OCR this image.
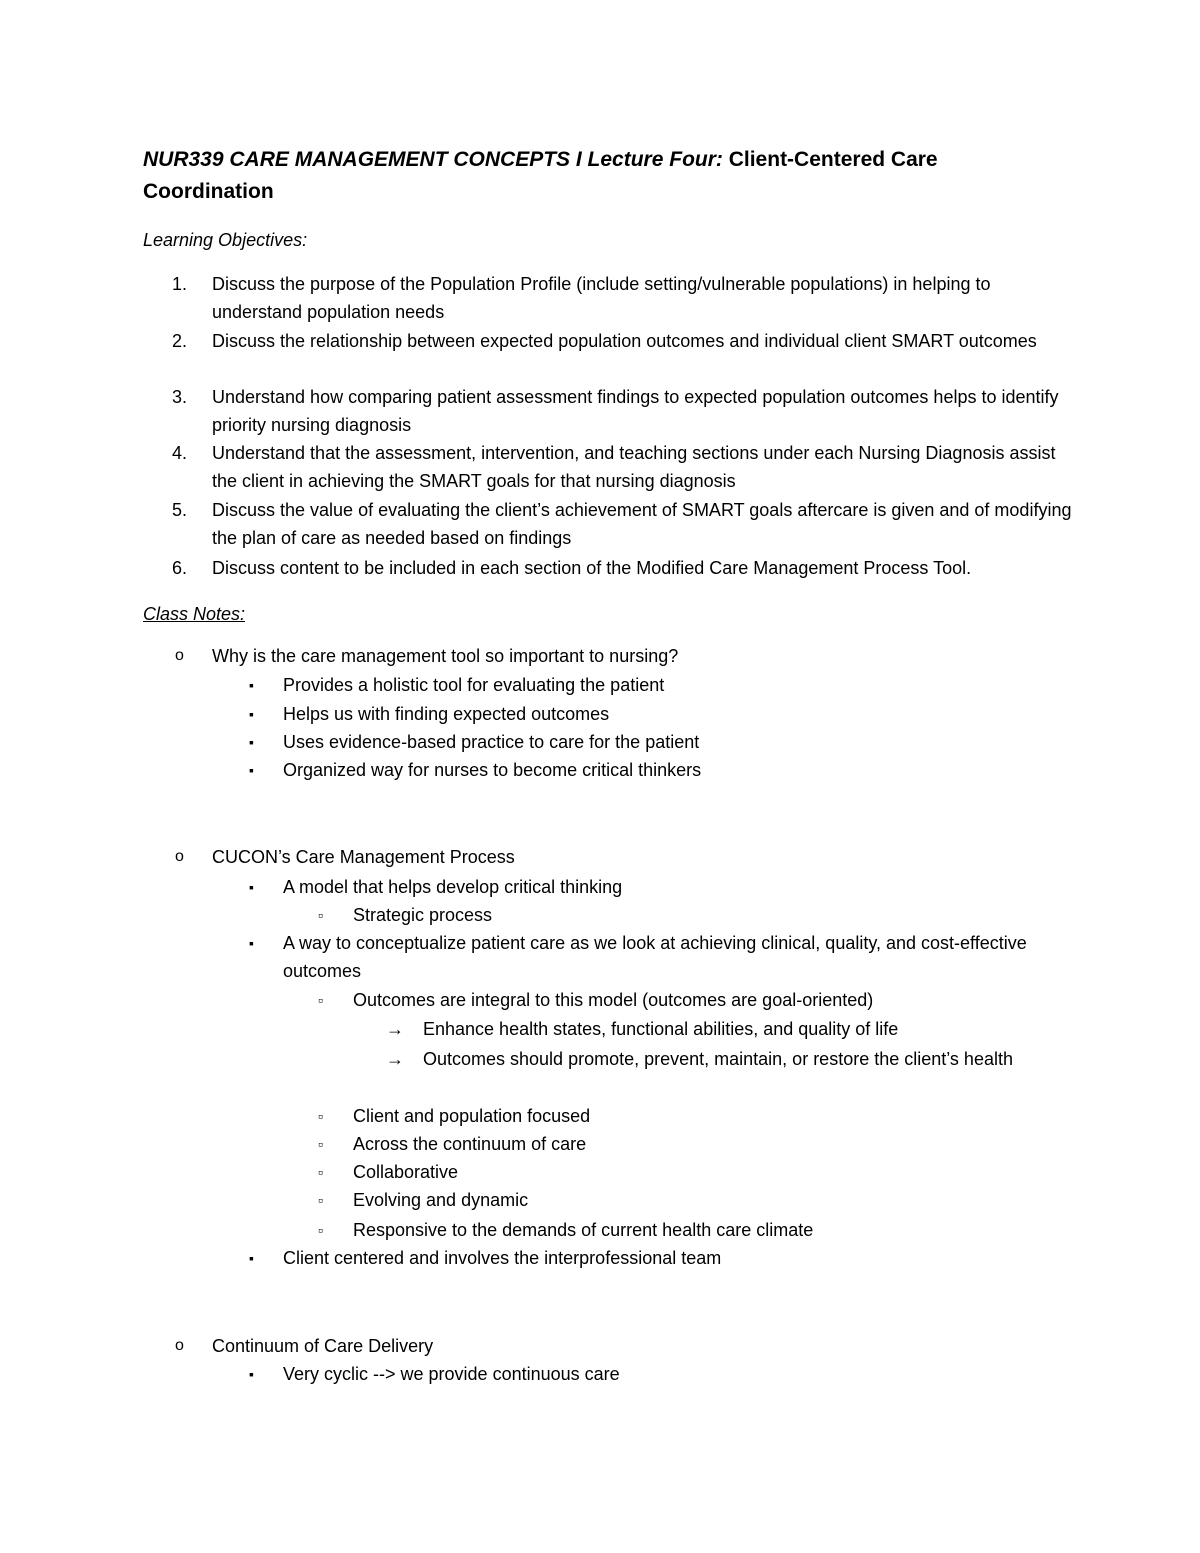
NUR339 CARE MANAGEMENT CONCEPTS I Lecture Four: Client-Centered Care Coordination
Learning Objectives:
1.	Discuss the purpose of the Population Profile (include setting/vulnerable populations) in helping to understand population needs
2.	Discuss the relationship between expected population outcomes and individual client SMART outcomes
3.	Understand how comparing patient assessment findings to expected population outcomes helps to identify priority nursing diagnosis
4.	Understand that the assessment, intervention, and teaching sections under each Nursing Diagnosis assist the client in achieving the SMART goals for that nursing diagnosis
5.	Discuss the value of evaluating the client’s achievement of SMART goals aftercare is given and of modifying the plan of care as needed based on findings
6.	Discuss content to be included in each section of the Modified Care Management Process Tool.
Class Notes:
o Why is the care management tool so important to nursing?
▪ Provides a holistic tool for evaluating the patient
▪ Helps us with finding expected outcomes
▪ Uses evidence-based practice to care for the patient
▪ Organized way for nurses to become critical thinkers
o CUCON’s Care Management Process
▪ A model that helps develop critical thinking
▫ Strategic process
▪ A way to conceptualize patient care as we look at achieving clinical, quality, and cost-effective outcomes
▫ Outcomes are integral to this model (outcomes are goal-oriented)
→ Enhance health states, functional abilities, and quality of life
→ Outcomes should promote, prevent, maintain, or restore the client’s health
▫ Client and population focused
▫ Across the continuum of care
▫ Collaborative
▫ Evolving and dynamic
▫ Responsive to the demands of current health care climate
▪ Client centered and involves the interprofessional team
o Continuum of Care Delivery
▪ Very cyclic --> we provide continuous care
